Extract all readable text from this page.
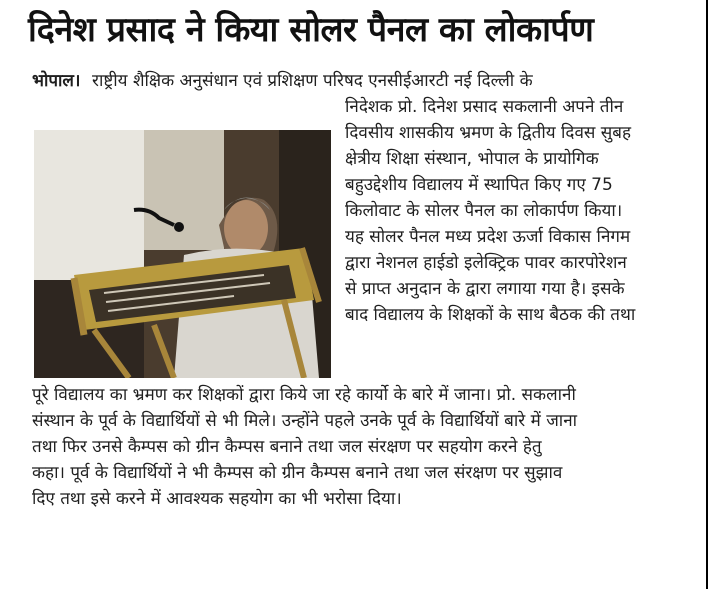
दिनेश प्रसाद ने किया सोलर पैनल का लोकार्पण
भोपाल। राष्ट्रीय शैक्षिक अनुसंधान एवं प्रशिक्षण परिषद एनसीईआरटी नई दिल्ली के
निदेशक प्रो. दिनेश प्रसाद सकलानी अपने तीन
दिवसीय शासकीय भ्रमण के द्वितीय दिवस सुबह
क्षेत्रीय शिक्षा संस्थान, भोपाल के प्रायोगिक
बहुउद्देशीय विद्यालय में स्थापित किए गए 75
किलोवाट के सोलर पैनल का लोकार्पण किया।
यह सोलर पैनल मध्य प्रदेश ऊर्जा विकास निगम
द्वारा नेशनल हाईडो इलेक्ट्रिक पावर कारपोरेशन
से प्राप्त अनुदान के द्वारा लगाया गया है। इसके
बाद विद्यालय के शिक्षकों के साथ बैठक की तथा
पूरे विद्यालय का भ्रमण कर शिक्षकों द्वारा किये जा रहे कार्यो के बारे में जाना। प्रो. सकलानी
संस्थान के पूर्व के विद्यार्थियों से भी मिले। उन्होंने पहले उनके पूर्व के विद्यार्थियों बारे में जाना
तथा फिर उनसे कैम्पस को ग्रीन कैम्पस बनाने तथा जल संरक्षण पर सहयोग करने हेतु
कहा। पूर्व के विद्यार्थियों ने भी कैम्पस को ग्रीन कैम्पस बनाने तथा जल संरक्षण पर सुझाव
दिए तथा इसे करने में आवश्यक सहयोग का भी भरोसा दिया।
